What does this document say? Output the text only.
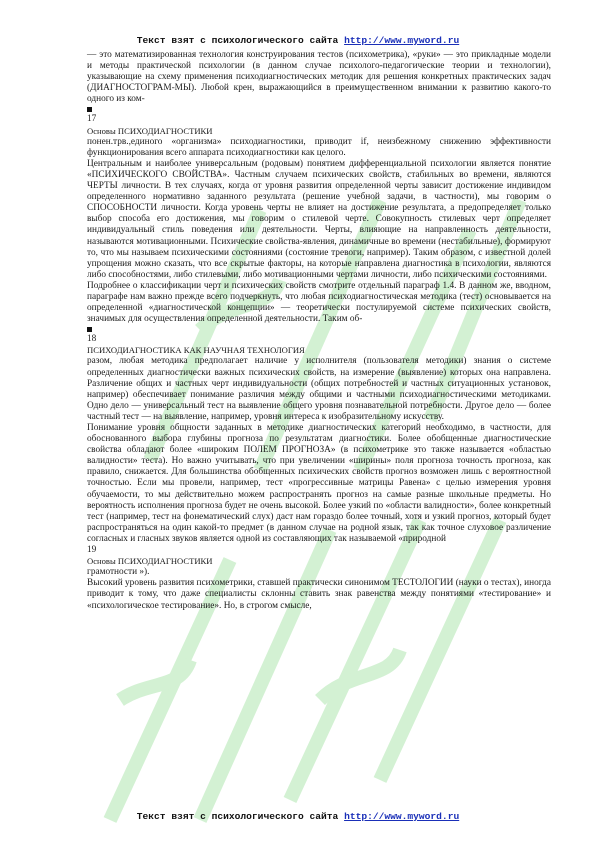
Текст взят с психологического сайта http://www.myword.ru

— это математизированная технология конструирования тестов (психометрика), «руки» — это прикладные модели и методы практической психологии (в данном случае психолого-педагогические теории и технологии), указывающие на схему применения психодиагностических методик для решения конкретных практических задач (ДИАГНОСТОГРАМ-МЫ). Любой крен, выражающийся в преимущественном внимании к развитию какого-то одного из ком-

17

Основы ПСИХОДИАГНОСТИКИ

понен.трв.,единого «организма» психодиагностики, приводит if, неизбежному снижению эффективности функционирования всего аппарата психодиагностики как целого.

Центральным и наиболее универсальным (родовым) понятием дифференциальной психологии является понятие «ПСИХИЧЕСКОГО СВОЙСТВА». Частным случаем психических свойств, стабильных во времени, являются ЧЕРТЫ личности. В тех случаях, когда от уровня развития определенной черты зависит достижение индивидом определенного нормативно заданного результата (решение учебной задачи, в частности), мы говорим о СПОСОБНОСТИ личности. Когда уровень черты не влияет на достижение результата, а предопределяет только выбор способа его достижения, мы говорим о стилевой черте. Совокупность стилевых черт определяет индивидуальный стиль поведения или деятельности. Черты, влияющие на направленность деятельности, называются мотивационными. Психические свойства-явления, динамичные во времени (нестабильные), формируют то, что мы называем психическими состояниями (состояние тревоги, например). Таким образом, с известной долей упрощения можно сказать, что все скрытые факторы, на которые направлена диагностика в психологии, являются либо способностями, либо стилевыми, либо мотивационными чертами личности, либо психическими состояниями.

Подробнее о классификации черт и психических свойств смотрите отдельный параграф 1.4. В данном же, вводном, параграфе нам важно прежде всего подчеркнуть, что любая психодиагностическая методика (тест) основывается на определенной «диагностической концепции» — теоретически постулируемой системе психических свойств, значимых для осуществления определенной деятельности. Таким об-

18

ПСИХОДИАГНОСТИКА КАК НАУЧНАЯ ТЕХНОЛОГИЯ

разом, любая методика предполагает наличие у исполнителя (пользователя методики) знания о системе определенных диагностически важных психических свойств, на измерение (выявление) которых она направлена. Различение общих и частных черт индивидуальности (общих потребностей и частных ситуационных установок, например) обеспечивает понимание различия между общими и частными психодиагностическими методиками. Одно дело — универсальный тест на выявление общего уровня познавательной потребности. Другое дело — более частный тест — на выявление, например, уровня интереса к изобразительному искусству.

Понимание уровня общности заданных в методике диагностических категорий необходимо, в частности, для обоснованного выбора глубины прогноза по результатам диагностики. Более обобщенные диагностические свойства обладают более «широким ПОЛЕМ ПРОГНОЗА» (в психометрике это также называется «областью валидности» теста). Но важно учитывать, что при увеличении «ширины» поля прогноза точность прогноза, как правило, снижается. Для большинства обобщенных психических свойств прогноз возможен лишь с вероятностной точностью. Если мы провели, например, тест «прогрессивные матрицы Равена» с целью измерения уровня обучаемости, то мы действительно можем распространять прогноз на самые разные школьные предметы. Но вероятность исполнения прогноза будет не очень высокой. Более узкий по «области валидности», более конкретный тест (например, тест на фонематический слух) даст нам гораздо более точный, хотя и узкий прогноз, который будет распространяться на один какой-то предмет (в данном случае на родной язык, так как точное слуховое различение согласных и гласных звуков является одной из составляющих так называемой «природной

19

Основы ПСИХОДИАГНОСТИКИ

грамотности »).

Высокий уровень развития психометрики, ставшей практически синонимом ТЕСТОЛОГИИ (науки о тестах), иногда приводит к тому, что даже специалисты склонны ставить знак равенства между понятиями «тестирование» и «психологическое тестирование». Но, в строгом смысле,

Текст взят с психологического сайта http://www.myword.ru
